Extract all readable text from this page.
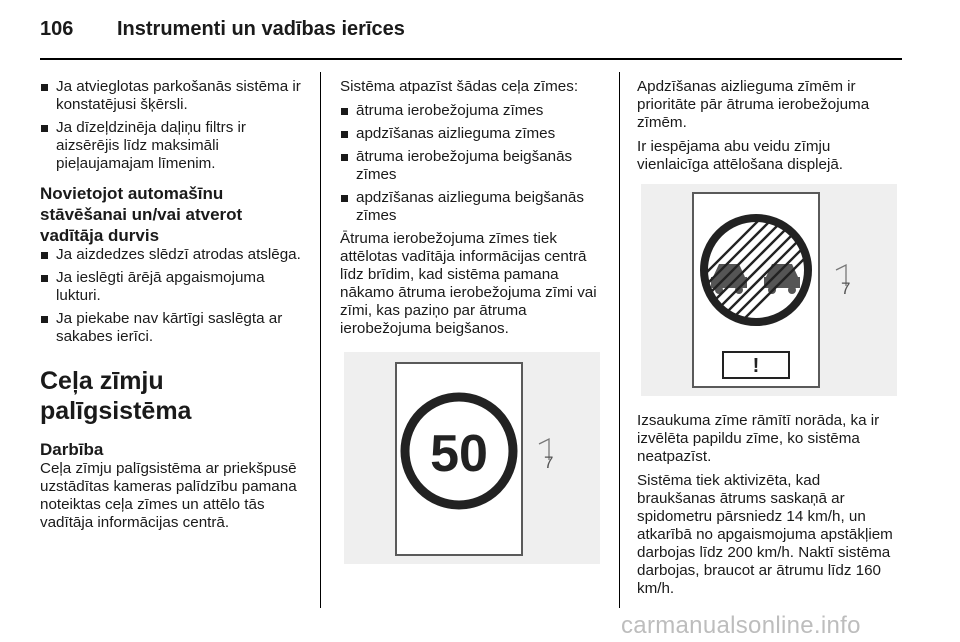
106 Instrumenti un vadības ierīces
Ja atvieglotas parkošanās sistēma ir konstatējusi šķērsli.
Ja dīzeļdzinēja daļiņu filtrs ir aizsērējis līdz maksimāli pieļaujamajam līmenim.
Novietojot automašīnu stāvēšanai un/vai atverot vadītāja durvis
Ja aizdedzes slēdzī atrodas atslēga.
Ja ieslēgti ārējā apgaismojuma lukturi.
Ja piekabe nav kārtīgi saslēgta ar sakabes ierīci.
Ceļa zīmju palīgsistēma
Darbība

Ceļa zīmju palīgsistēma ar priekšpusē uzstādītas kameras palīdzību pamana noteiktas ceļa zīmes un attēlo tās vadītāja informācijas centrā.

Sistēma atpazīst šādas ceļa zīmes:

ātruma ierobežojuma zīmes
apdzīšanas aizlieguma zīmes
ātruma ierobežojuma beigšanās zīmes
apdzīšanas aizlieguma beigšanās zīmes

Ātruma ierobežojuma zīmes tiek attēlotas vadītāja informācijas centrā līdz brīdim, kad sistēma pamana nākamo ātruma ierobežojuma zīmi vai zīmi, kas paziņo par ātruma ierobežojuma beigšanos.

50	7

Apdzīšanas aizlieguma zīmēm ir prioritāte pār ātruma ierobežojuma zīmēm.

Ir iespējama abu veidu zīmju vienlaicīga attēlošana displejā.

!
7

Izsaukuma zīme rāmītī norāda, ka ir izvēlēta papildu zīme, ko sistēma neatpazīst.

Sistēma tiek aktivizēta, kad braukšanas ātrums saskaņā ar spidometru pārsniedz 14 km/h, un atkarībā no apgaismojuma apstākļiem darbojas līdz 200 km/h. Naktī sistēma darbojas, braucot ar ātrumu līdz 160 km/h.

carmanualsonline.info
